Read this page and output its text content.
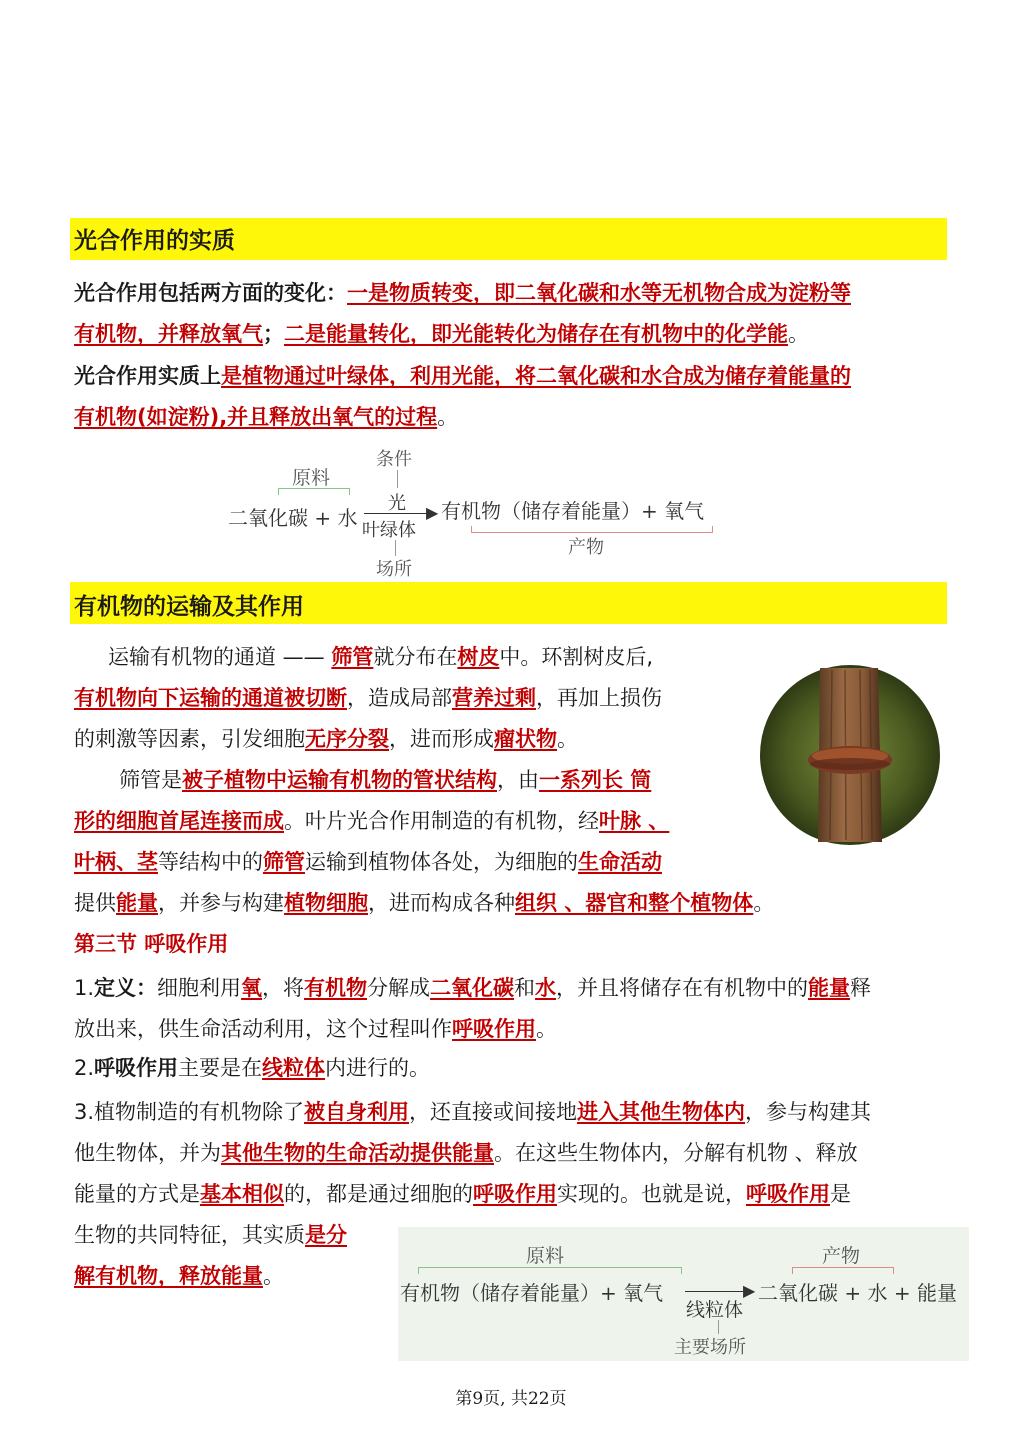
光合作用的实质
光合作用包括两方面的变化：一是物质转变，即二氧化碳和水等无机物合成为淀粉等
有机物，并释放氧气；二是能量转化，即光能转化为储存在有机物中的化学能。
光合作用实质上是植物通过叶绿体，利用光能，将二氧化碳和水合成为储存着能量的
有机物(如淀粉),并且释放出氧气的过程。
原料
条件
二氧化碳 + 水
光 ▶
叶绿体
场所
有机物（储存着能量）+ 氧气
产物
有机物的运输及其作用
运输有机物的通道 —— 筛管就分布在树皮中。环割树皮后,
有机物向下运输的通道被切断，造成局部营养过剩，再加上损伤
的刺激等因素，引发细胞无序分裂，进而形成瘤状物。
筛管是被子植物中运输有机物的管状结构，由一系列长 筒
形的细胞首尾连接而成。叶片光合作用制造的有机物，经叶脉 、
叶柄、茎等结构中的筛管运输到植物体各处，为细胞的生命活动
提供能量，并参与构建植物细胞，进而构成各种组织 、器官和整个植物体。
第三节 呼吸作用
1.定义：细胞利用氧，将有机物分解成二氧化碳和水，并且将储存在有机物中的能量释
放出来，供生命活动利用，这个过程叫作呼吸作用。
2.呼吸作用主要是在线粒体内进行的。
3.植物制造的有机物除了被自身利用，还直接或间接地进入其他生物体内，参与构建其
他生物体，并为其他生物的生命活动提供能量。在这些生物体内，分解有机物 、释放
能量的方式是基本相似的，都是通过细胞的呼吸作用实现的。也就是说，呼吸作用是
生物的共同特征，其实质是分
解有机物，释放能量。
原料	产物
有机物（储存着能量）+ 氧气	▶
线粒体
二氧化碳 + 水 + 能量
主要场所
第9页, 共22页
